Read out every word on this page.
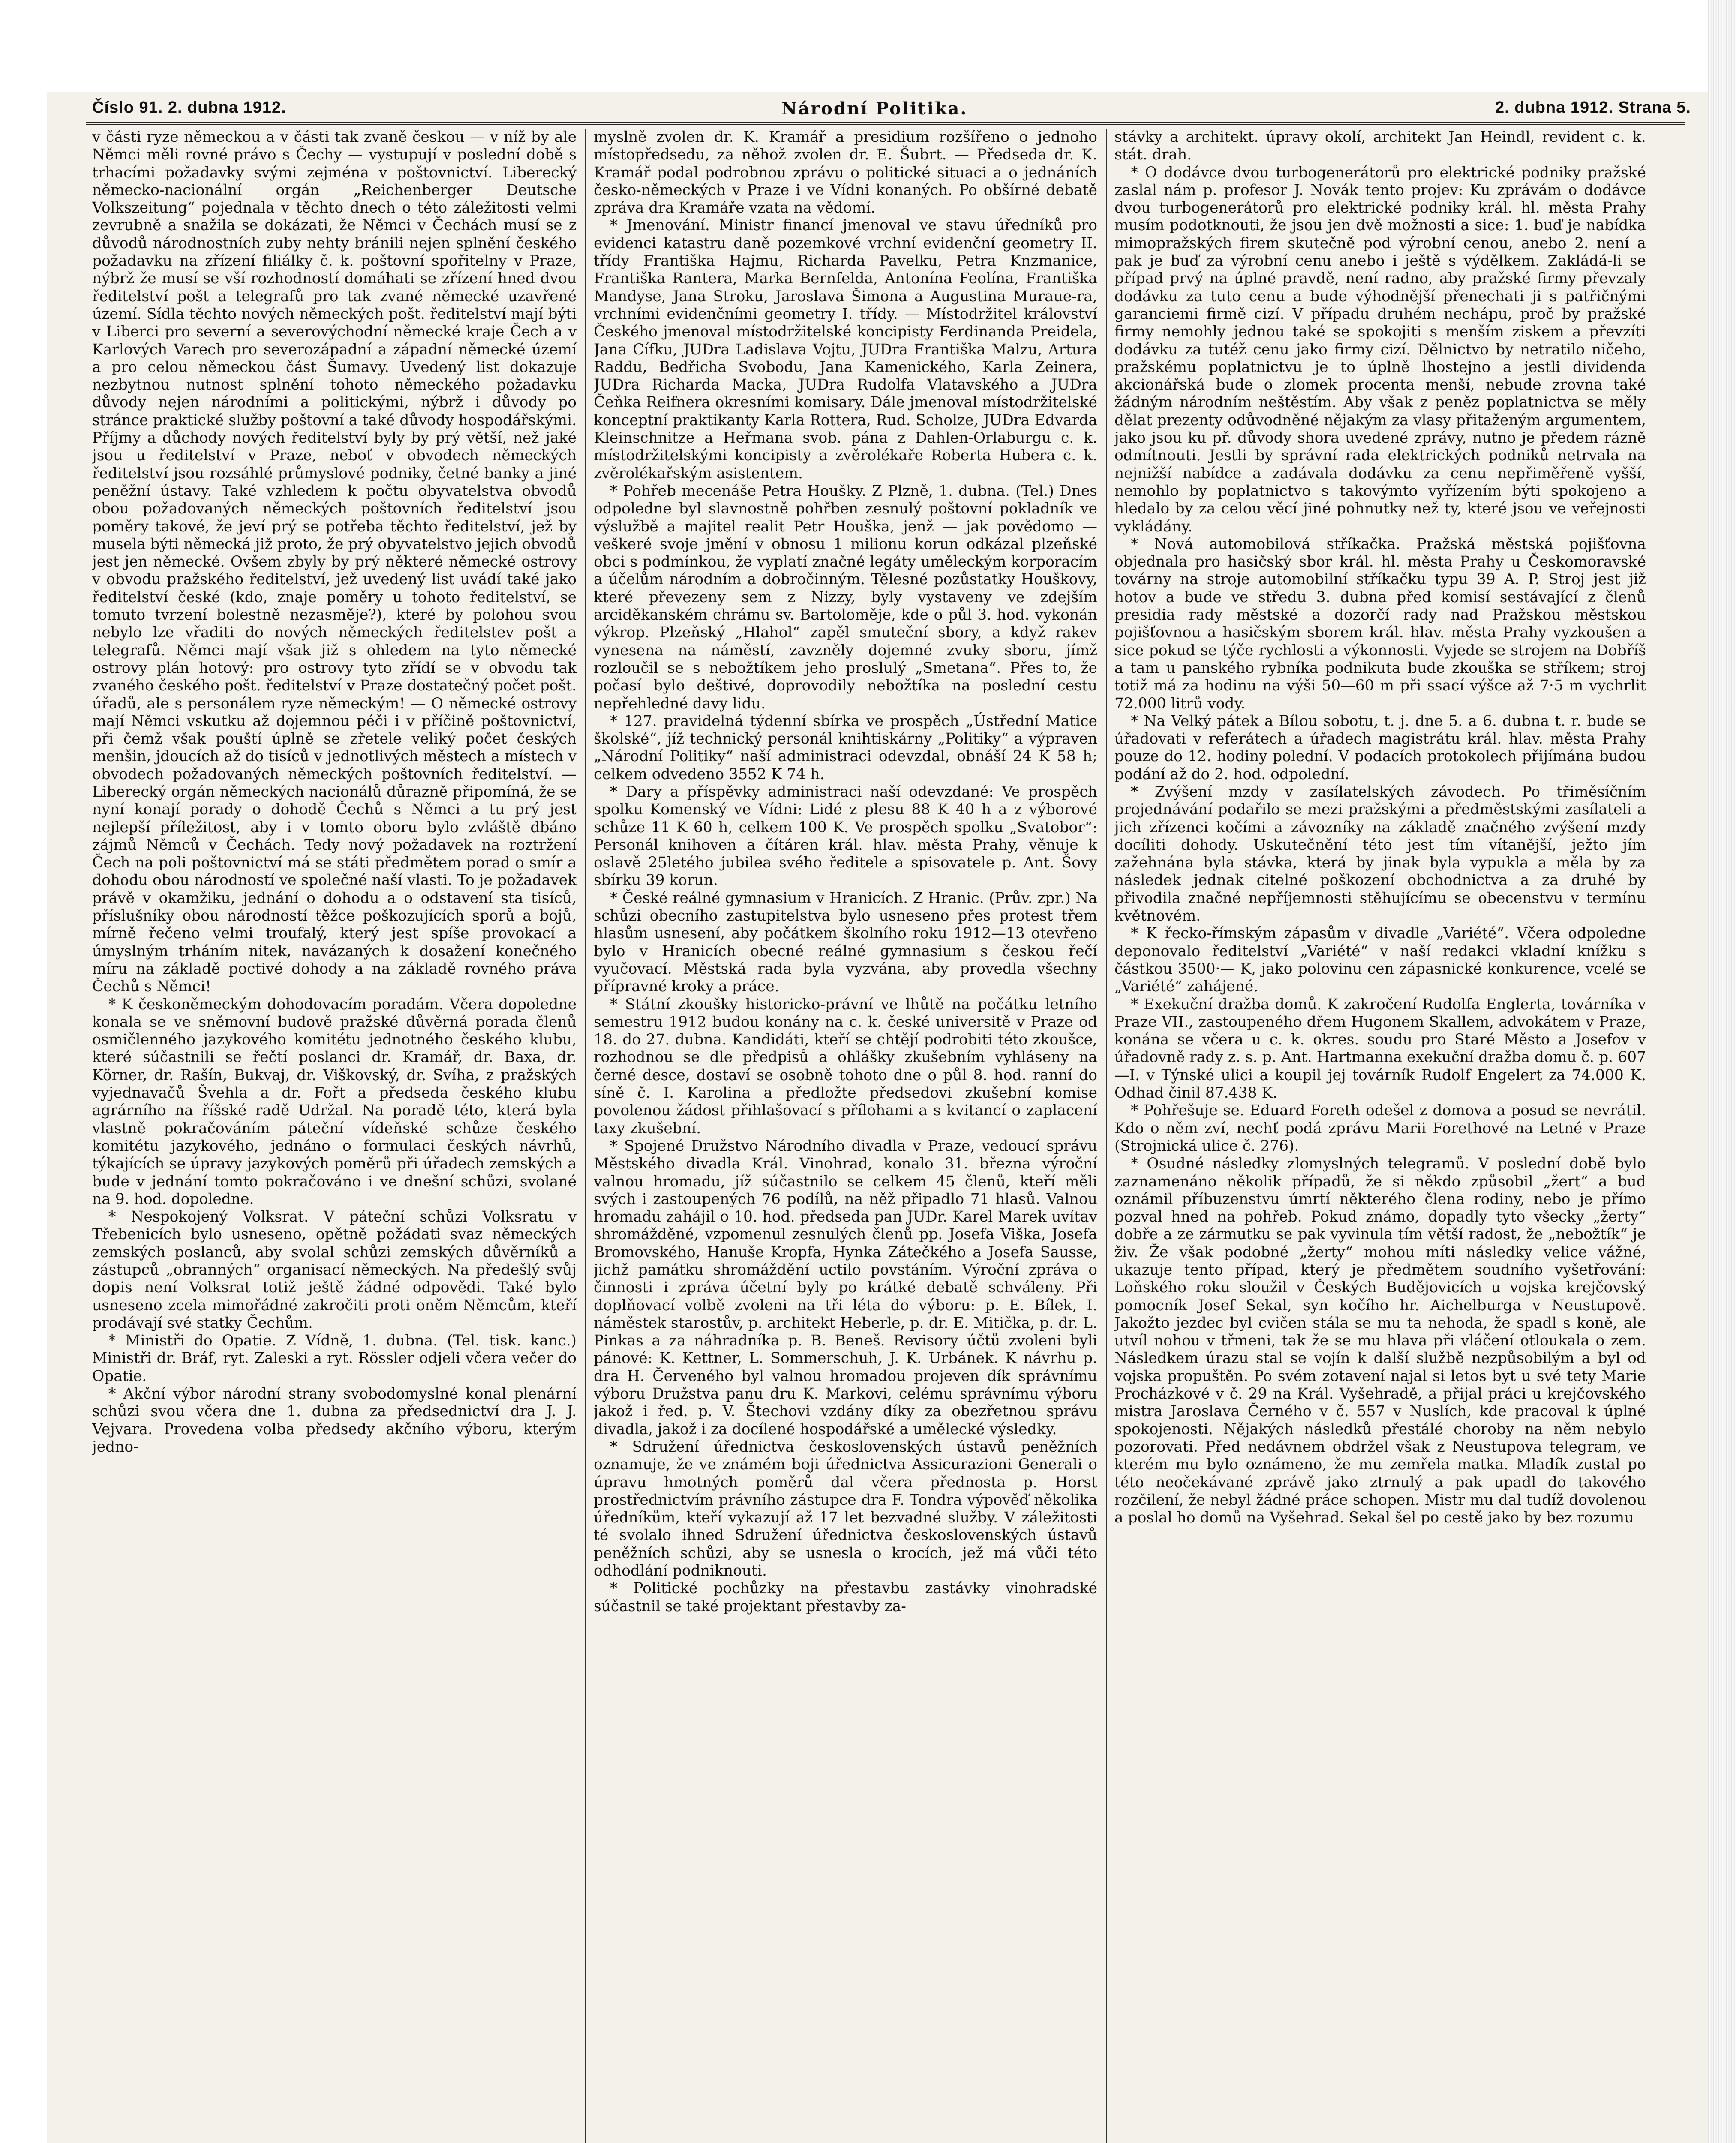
Číslo 91. 2. dubna 1912.	Národní Politika.	2. dubna 1912. Strana 5.

v části ryze německou a v části tak zvaně českou — v níž by ale Němci měli rovné právo s Čechy — vystupují v poslední době s trhacími požadavky svými zejména v poštovnictví. Liberecký německo-nacionální orgán „Reichenberger Deutsche Volkszeitung“ pojednala v těchto dnech o této záležitosti velmi zevrubně a snažila se dokázati, že Němci v Čechách musí se z důvodů národnostních zuby nehty bránili nejen splnění českého požadavku na zřízení filiálky č. k. poštovní spořitelny v Praze, nýbrž že musí se vší rozhodností domáhati se zřízení hned dvou ředitelství pošt a telegrafů pro tak zvané německé uzavřené území. Sídla těchto nových německých pošt. ředitelství mají býti v Liberci pro severní a severovýchodní německé kraje Čech a v Karlových Varech pro severozápadní a západní německé území a pro celou německou část Šumavy. Uvedený list dokazuje nezbytnou nutnost splnění tohoto německého požadavku důvody nejen národními a politickými, nýbrž i důvody po stránce praktické služby poštovní a také důvody hospodářskými. Příjmy a důchody nových ředitelství byly by prý větší, než jaké jsou u ředitelství v Praze, neboť v obvodech německých ředitelství jsou rozsáhlé průmyslové podniky, četné banky a jiné peněžní ústavy. Také vzhledem k počtu obyvatelstva obvodů obou požadovaných německých poštovních ředitelství jsou poměry takové, že jeví prý se potřeba těchto ředitelství, jež by musela býti německá již proto, že prý obyvatelstvo jejich obvodů jest jen německé. Ovšem zbyly by prý některé německé ostrovy v obvodu pražského ředitelství, jež uvedený list uvádí také jako ředitelství české (kdo, znaje poměry u tohoto ředitelství, se tomuto tvrzení bolestně nezasměje?), které by polohou svou nebylo lze vřaditi do nových německých ředitelstev pošt a telegrafů. Němci mají však již s ohledem na tyto německé ostrovy plán hotový: pro ostrovy tyto zřídí se v obvodu tak zvaného českého pošt. ředitelství v Praze dostatečný počet pošt. úřadů, ale s personálem ryze německým! — O německé ostrovy mají Němci vskutku až dojemnou péči i v příčině poštovnictví, při čemž však pouští úplně se zřetele veliký počet českých menšin, jdoucích až do tisíců v jednotlivých městech a místech v obvodech požadovaných německých poštovních ředitelství. — Liberecký orgán německých nacionálů důrazně připomíná, že se nyní konají porady o dohodě Čechů s Němci a tu prý jest nejlepší příležitost, aby i v tomto oboru bylo zvláště dbáno zájmů Němců v Čechách. Tedy nový požadavek na roztržení Čech na poli poštovnictví má se státi předmětem porad o smír a dohodu obou národností ve společné naší vlasti. To je požadavek právě v okamžiku, jednání o dohodu a o odstavení sta tisíců, příslušníky obou národností těžce poškozujících sporů a bojů, mírně řečeno velmi troufalý, který jest spíše provokací a úmyslným trháním nitek, navázaných k dosažení konečného míru na základě poctivé dohody a na základě rovného práva Čechů s Němci!

* K českoněmeckým dohodovacím poradám. Včera dopoledne konala se ve sněmovní budově pražské důvěrná porada členů osmičlenného jazykového komitétu jednotného českého klubu, které súčastnili se řečtí poslanci dr. Kramář, dr. Baxa, dr. Körner, dr. Rašín, Bukvaj, dr. Viškovský, dr. Svíha, z pražských vyjednavačů Švehla a dr. Fořt a předseda českého klubu agrárního na říšské radě Udržal. Na poradě této, která byla vlastně pokračováním páteční vídeňské schůze českého komitétu jazykového, jednáno o formulaci českých návrhů, týkajících se úpravy jazykových poměrů při úřadech zemských a bude v jednání tomto pokračováno i ve dnešní schůzi, svolané na 9. hod. dopoledne.

* Nespokojený Volksrat. V páteční schůzi Volksratu v Třebenicích bylo usneseno, opětně požádati svaz německých zemských poslanců, aby svolal schůzi zemských důvěrníků a zástupců „obranných“ organisací německých. Na předešlý svůj dopis není Volksrat totiž ještě žádné odpovědi. Také bylo usneseno zcela mimořádné zakročiti proti oněm Němcům, kteří prodávají své statky Čechům.

* Ministři do Opatie. Z Vídně, 1. dubna. (Tel. tisk. kanc.) Ministři dr. Bráf, ryt. Zaleski a ryt. Rössler odjeli včera večer do Opatie.

* Akční výbor národní strany svobodomyslné konal plenární schůzi svou včera dne 1. dubna za předsednictví dra J. J. Vejvara. Provedena volba předsedy akčního výboru, kterým jedno-

myslně zvolen dr. K. Kramář a presidium rozšířeno o jednoho místopředsedu, za něhož zvolen dr. E. Šubrt. — Předseda dr. K. Kramář podal podrobnou zprávu o politické situaci a o jednáních česko-německých v Praze i ve Vídni konaných. Po obšírné debatě zpráva dra Kramáře vzata na vědomí.

* Jmenování. Ministr financí jmenoval ve stavu úředníků pro evidenci katastru daně pozemkové vrchní evidenční geometry II. třídy Františka Hajmu, Richarda Pavelku, Petra Knzmanice, Františka Rantera, Marka Bernfelda, Antonína Feolína, Františka Mandyse, Jana Stroku, Jaroslava Šimona a Augustina Muraue-ra, vrchními evidenčními geometry I. třídy. — Místodržitel království Českého jmenoval místodržitelské koncipisty Ferdinanda Preidela, Jana Cífku, JUDra Ladislava Vojtu, JUDra Františka Malzu, Artura Raddu, Bedřicha Svobodu, Jana Kamenického, Karla Zeinera, JUDra Richarda Macka, JUDra Rudolfa Vlatavského a JUDra Čeňka Reifnera okresními komisary. Dále jmenoval místodržitelské konceptní praktikanty Karla Rottera, Rud. Scholze, JUDra Edvarda Kleinschnitze a Heřmana svob. pána z Dahlen-Orlaburgu c. k. místodržitelskými koncipisty a zvěrolékaře Roberta Hubera c. k. zvěrolékařským asistentem.

* Pohřeb mecenáše Petra Houšky. Z Plzně, 1. dubna. (Tel.) Dnes odpoledne byl slavnostně pohřben zesnulý poštovní pokladník ve výslužbě a majitel realit Petr Houška, jenž — jak povědomo — veškeré svoje jmění v obnosu 1 milionu korun odkázal plzeňské obci s podmínkou, že vyplatí značné legáty uměleckým korporacím a účelům národním a dobročinným. Tělesné pozůstatky Houškovy, které převezeny sem z Nizzy, byly vystaveny ve zdejším arciděkanském chrámu sv. Bartoloměje, kde o půl 3. hod. vykonán výkrop. Plzeňský „Hlahol“ zapěl smuteční sbory, a když rakev vynesena na náměstí, zavzněly dojemné zvuky sboru, jímž rozloučil se s nebožtíkem jeho proslulý „Smetana“. Přes to, že počasí bylo deštivé, doprovodily nebožtíka na poslední cestu nepřehledné davy lidu.

* 127. pravidelná týdenní sbírka ve prospěch „Ústřední Matice školské“, jíž technický personál knihtiskárny „Politiky“ a výpraven „Národní Politiky“ naší administraci odevzdal, obnáší 24 K 58 h; celkem odvedeno 3552 K 74 h.

* Dary a příspěvky administraci naší odevzdané: Ve prospěch spolku Komenský ve Vídni: Lidé z plesu 88 K 40 h a z výborové schůze 11 K 60 h, celkem 100 K. Ve prospěch spolku „Svatobor“: Personál knihoven a čítáren král. hlav. města Prahy, věnuje k oslavě 25letého jubilea svého ředitele a spisovatele p. Ant. Šovy sbírku 39 korun.

* České reálné gymnasium v Hranicích. Z Hranic. (Prův. zpr.) Na schůzi obecního zastupitelstva bylo usneseno přes protest třem hlasům usnesení, aby počátkem školního roku 1912—13 otevřeno bylo v Hranicích obecné reálné gymnasium s českou řečí vyučovací. Městská rada byla vyzvána, aby provedla všechny přípravné kroky a práce.

* Státní zkoušky historicko-právní ve lhůtě na počátku letního semestru 1912 budou konány na c. k. české universitě v Praze od 18. do 27. dubna. Kandidáti, kteří se chtějí podrobiti této zkoušce, rozhodnou se dle předpisů a ohlášky zkušebním vyhláseny na černé desce, dostaví se osobně tohoto dne o půl 8. hod. ranní do síně č. I. Karolina a předložte předsedovi zkušební komise povolenou žádost přihlašovací s přílohami a s kvitancí o zaplacení taxy zkušební.

* Spojené Družstvo Národního divadla v Praze, vedoucí správu Městského divadla Král. Vinohrad, konalo 31. března výroční valnou hromadu, jíž súčastnilo se celkem 45 členů, kteří měli svých i zastoupených 76 podílů, na něž připadlo 71 hlasů. Valnou hromadu zahájil o 10. hod. předseda pan JUDr. Karel Marek uvítav shromážděné, vzpomenul zesnulých členů pp. Josefa Viška, Josefa Bromovského, Hanuše Kropfa, Hynka Zátečkého a Josefa Sausse, jichž památku shromáždění uctilo povstáním. Výroční zpráva o činnosti i zpráva účetní byly po krátké debatě schváleny. Při doplňovací volbě zvoleni na tři léta do výboru: p. E. Bílek, I. náměstek starostův, p. architekt Heberle, p. dr. E. Mitička, p. dr. L. Pinkas a za náhradníka p. B. Beneš. Revisory účtů zvoleni byli pánové: K. Kettner, L. Sommerschuh, J. K. Urbánek. K návrhu p. dra H. Červeného byl valnou hromadou projeven dík správnímu výboru Družstva panu dru K. Markovi, celému správnímu výboru jakož i řed. p. V. Štechovi vzdány díky za obezřetnou správu divadla, jakož i za docílené hospodářské a umělecké výsledky.

* Sdružení úřednictva československých ústavů peněžních oznamuje, že ve známém boji úřednictva Assicurazioni Generali o úpravu hmotných poměrů dal včera přednosta p. Horst prostřednictvím právního zástupce dra F. Tondra výpověď několika úředníkům, kteří vykazují až 17 let bezvadné služby. V záležitosti té svolalo ihned Sdružení úřednictva československých ústavů peněžních schůzi, aby se usnesla o krocích, jež má vůči této odhodlání podniknouti.

* Politické pochůzky na přestavbu zastávky vinohradské súčastnil se také projektant přestavby za-

stávky a architekt. úpravy okolí, architekt Jan Heindl, revident c. k. stát. drah.

* O dodávce dvou turbogenerátorů pro elektrické podniky pražské zaslal nám p. profesor J. Novák tento projev: Ku zprávám o dodávce dvou turbogenerátorů pro elektrické podniky král. hl. města Prahy musím podotknouti, že jsou jen dvě možnosti a sice: 1. buď je nabídka mimopražských firem skutečně pod výrobní cenou, anebo 2. není a pak je buď za výrobní cenu anebo i ještě s výdělkem. Zakládá-li se případ prvý na úplné pravdě, není radno, aby pražské firmy převzaly dodávku za tuto cenu a bude výhodnější přenechati ji s patřičnými garanciemi firmě cizí. V případu druhém nechápu, proč by pražské firmy nemohly jednou také se spokojiti s menším ziskem a převzíti dodávku za tutéž cenu jako firmy cizí. Dělnictvo by netratilo ničeho, pražskému poplatnictvu je to úplně lhostejno a jestli dividenda akcionářská bude o zlomek procenta menší, nebude zrovna také žádným národním neštěstím. Aby však z peněz poplatnictva se měly dělat prezenty odůvodněné nějakým za vlasy přitaženým argumentem, jako jsou ku př. důvody shora uvedené zprávy, nutno je předem rázně odmítnouti. Jestli by správní rada elektrických podniků netrvala na nejnižší nabídce a zadávala dodávku za cenu nepřiměřeně vyšší, nemohlo by poplatnictvo s takovýmto vyřízením býti spokojeno a hledalo by za celou věcí jiné pohnutky než ty, které jsou ve veřejnosti vykládány.

* Nová automobilová stříkačka. Pražská městská pojišťovna objednala pro hasičský sbor král. hl. města Prahy u Českomoravské továrny na stroje automobilní stříkačku typu 39 A. P. Stroj jest již hotov a bude ve středu 3. dubna před komisí sestávající z členů presidia rady městské a dozorčí rady nad Pražskou městskou pojišťovnou a hasičským sborem král. hlav. města Prahy vyzkoušen a sice pokud se týče rychlosti a výkonnosti. Vyjede se strojem na Dobříš a tam u panského rybníka podnikuta bude zkouška se stříkem; stroj totiž má za hodinu na výši 50—60 m při ssací výšce až 7·5 m vychrlit 72.000 litrů vody.

* Na Velký pátek a Bílou sobotu, t. j. dne 5. a 6. dubna t. r. bude se úřadovati v referátech a úřadech magistrátu král. hlav. města Prahy pouze do 12. hodiny polední. V podacích protokolech přijímána budou podání až do 2. hod. odpolední.

* Zvýšení mzdy v zasílatelských závodech. Po třiměsíčním projednávání podařilo se mezi pražskými a předměstskými zasílateli a jich zřízenci kočími a závozníky na základě značného zvýšení mzdy docíliti dohody. Uskutečnění této jest tím vítanější, ježto jím zažehnána byla stávka, která by jinak byla vypukla a měla by za následek jednak citelné poškození obchodnictva a za druhé by přivodila značné nepříjemnosti stěhujícímu se obecenstvu v termínu květnovém.

* K řecko-římským zápasům v divadle „Variété“. Včera odpoledne deponovalo ředitelství „Variété“ v naší redakci vkladní knížku s částkou 3500·— K, jako polovinu cen zápasnické konkurence, vcelé se „Variété“ zahájené.

* Exekuční dražba domů. K zakročení Rudolfa Englerta, továrníka v Praze VII., zastoupeného dřem Hugonem Skallem, advokátem v Praze, konána se včera u c. k. okres. soudu pro Staré Město a Josefov v úřadovně rady z. s. p. Ant. Hartmanna exekuční dražba domu č. p. 607—I. v Týnské ulici a koupil jej továrník Rudolf Engelert za 74.000 K. Odhad činil 87.438 K.

* Pohřešuje se. Eduard Foreth odešel z domova a posud se nevrátil. Kdo o něm zví, nechť podá zprávu Marii Forethové na Letné v Praze (Strojnická ulice č. 276).

* Osudné následky zlomyslných telegramů. V poslední době bylo zaznamenáno několik případů, že si někdo způsobil „žert“ a buď oznámil příbuzenstvu úmrtí některého člena rodiny, nebo je přímo pozval hned na pohřeb. Pokud známo, dopadly tyto všecky „žerty“ dobře a ze zármutku se pak vyvinula tím větší radost, že „nebožtík“ je živ. Že však podobné „žerty“ mohou míti následky velice vážné, ukazuje tento případ, který je předmětem soudního vyšetřování: Loňského roku sloužil v Českých Budějovicích u vojska krejčovský pomocník Josef Sekal, syn kočího hr. Aichelburga v Neustupově. Jakožto jezdec byl cvičen stála se mu ta nehoda, že spadl s koně, ale utvíl nohou v třmeni, tak že se mu hlava při vláčení otloukala o zem. Následkem úrazu stal se vojín k další službě nezpůsobilým a byl od vojska propuštěn. Po svém zotavení najal si letos byt u své tety Marie Procházkové v č. 29 na Král. Vyšehradě, a přijal práci u krejčovského mistra Jaroslava Černého v č. 557 v Nuslích, kde pracoval k úplné spokojenosti. Nějakých následků přestálé choroby na něm nebylo pozorovati. Před nedávnem obdržel však z Neustupova telegram, ve kterém mu bylo oznámeno, že mu zemřela matka. Mladík zustal po této neočekávané zprávě jako ztrnulý a pak upadl do takového rozčilení, že nebyl žádné práce schopen. Mistr mu dal tudíž dovolenou a poslal ho domů na Vyšehrad. Sekal šel po cestě jako by bez rozumu
